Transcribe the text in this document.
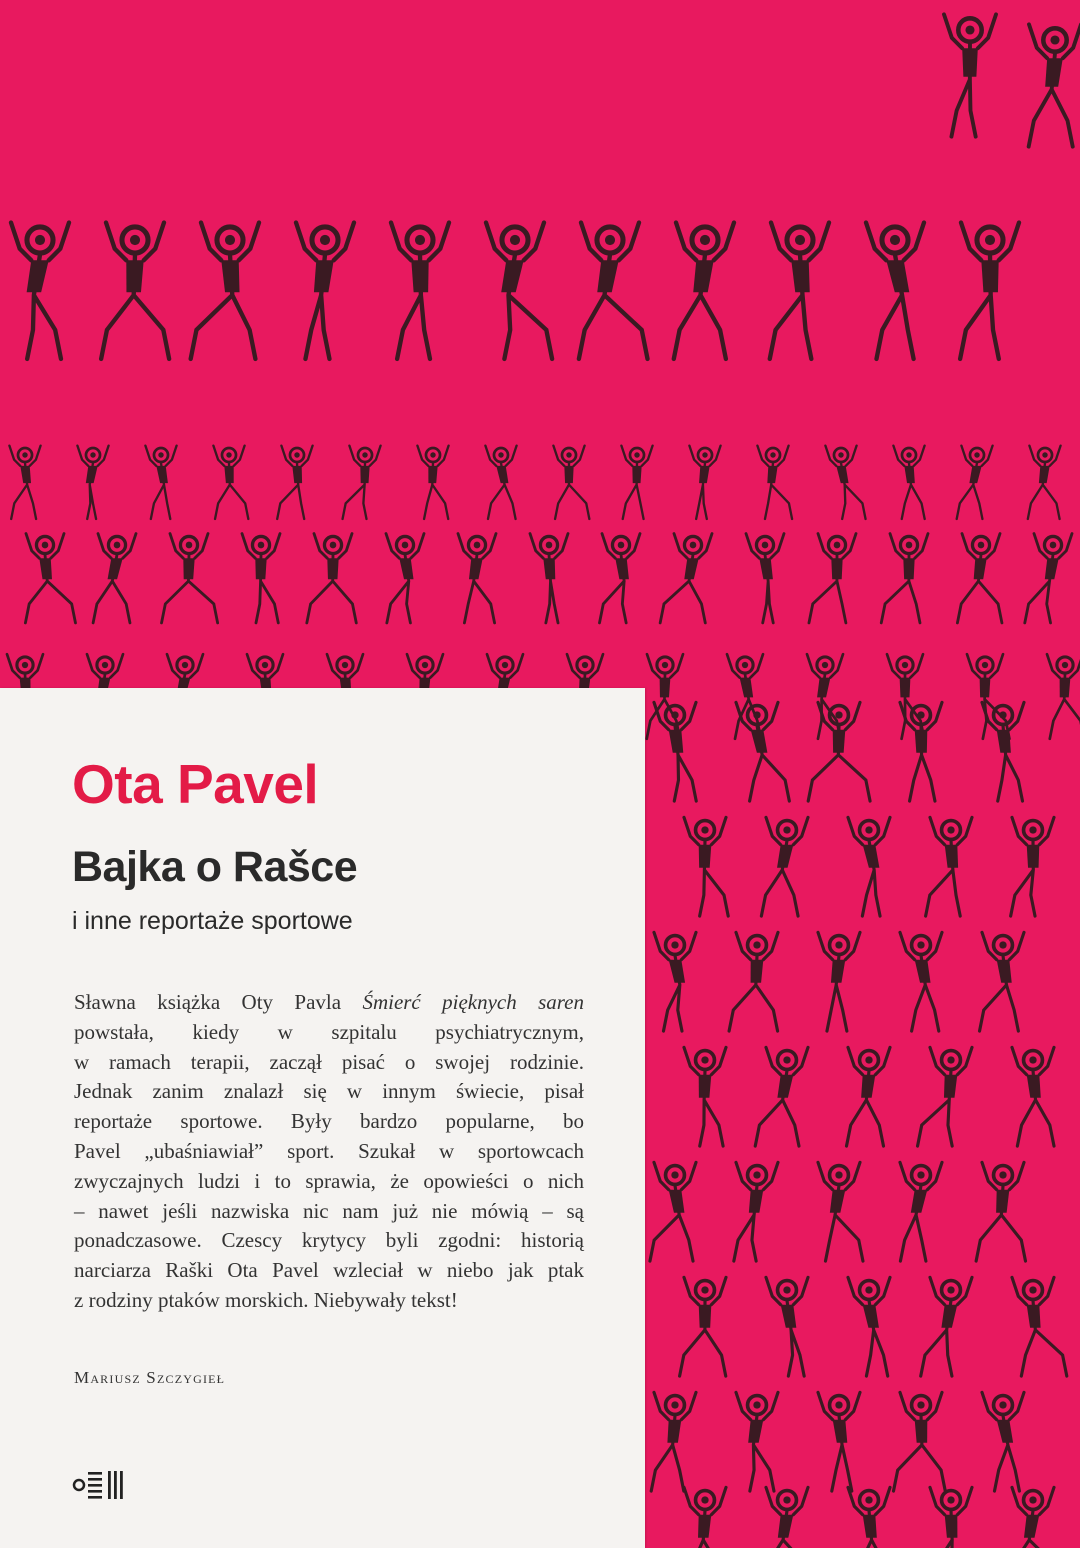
Ota Pavel
Bajka o Rašce

i inne reportaże sportowe

Sławna książka Oty Pavla Śmierć pięknych saren
powstała, kiedy w szpitalu psychiatrycznym,
w ramach terapii, zaczął pisać o swojej rodzinie.
Jednak zanim znalazł się w innym świecie, pisał
reportaże sportowe. Były bardzo popularne, bo
Pavel „ubaśniawiał” sport. Szukał w sportowcach
zwyczajnych ludzi i to sprawia, że opowieści o nich
– nawet jeśli nazwiska nic nam już nie mówią – są
ponadczasowe. Czescy krytycy byli zgodni: historią
narciarza Raški Ota Pavel wzleciał w niebo jak ptak
z rodziny ptaków morskich. Niebywały tekst!

Mariusz Szczygieł
